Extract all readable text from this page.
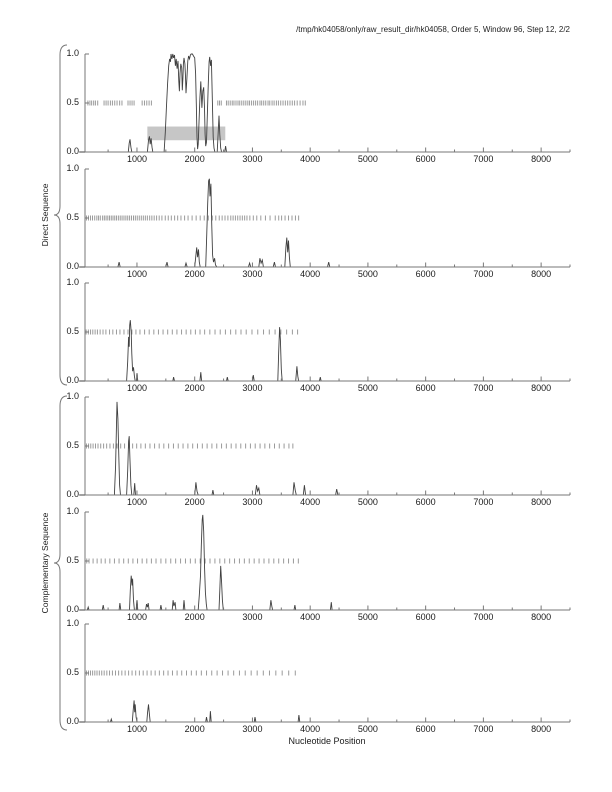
/tmp/hk04058/only/raw_result_dir/hk04058, Order 5, Window 96, Step 12, 2/2
1000	2000	3000	4000	5000	6000	7000	8000
1.0
0.5
0.0
1000	2000	3000	4000	5000	6000	7000	8000
1.0
0.5
0.0
1000	2000	3000	4000	5000	6000	7000	8000
1.0
0.5
0.0
1000	2000	3000	4000	5000	6000	7000	8000
1.0
0.5
0.0
1000	2000	3000	4000	5000	6000	7000	8000
1.0
0.5
0.0
1000	2000	3000	4000	5000	6000	7000	8000
1.0
0.5
0.0
Direct Sequence
Complementary Sequence
Nucleotide Position
